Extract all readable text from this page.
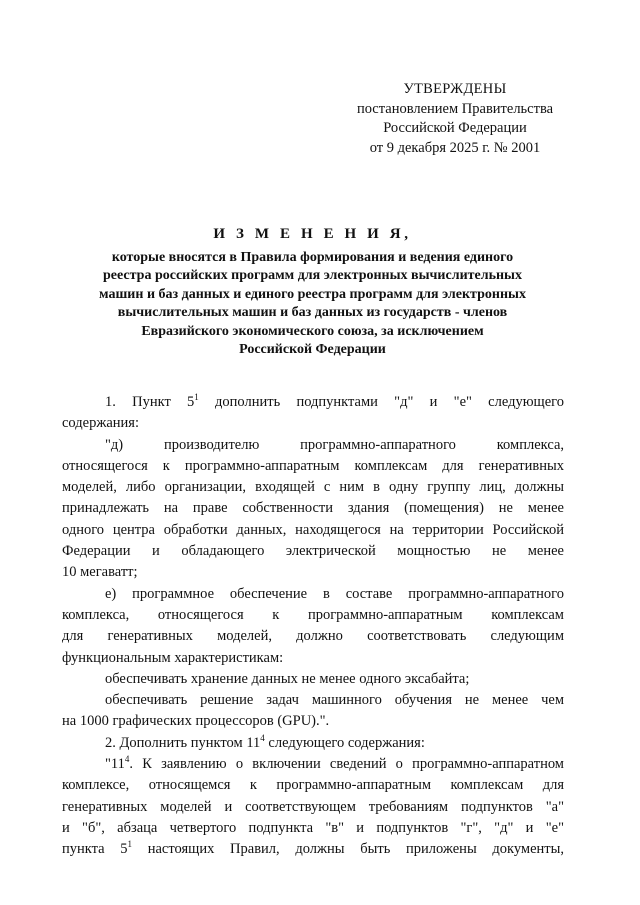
УТВЕРЖДЕНЫ
постановлением Правительства
Российской Федерации
от 9 декабря 2025 г. № 2001
И З М Е Н Е Н И Я,
которые вносятся в Правила формирования и ведения единого
реестра российских программ для электронных вычислительных
машин и баз данных и единого реестра программ для электронных
вычислительных машин и баз данных из государств - членов
Евразийского экономического союза, за исключением
Российской Федерации
1. Пункт $5^1$ дополнить подпунктами "д" и "е" следующего
содержания:
"д) производителю программно-аппаратного комплекса,
относящегося к программно-аппаратным комплексам для генеративных
моделей, либо организации, входящей с ним в одну группу лиц, должны
принадлежать на праве собственности здания (помещения) не менее
одного центра обработки данных, находящегося на территории Российской
Федерации и обладающего электрической мощностью не менее
10 мегаватт;
е) программное обеспечение в составе программно-аппаратного
комплекса, относящегося к программно-аппаратным комплексам
для генеративных моделей, должно соответствовать следующим
функциональным характеристикам:
обеспечивать хранение данных не менее одного эксабайта;
обеспечивать решение задач машинного обучения не менее чем
на 1000 графических процессоров (GPU).".
2. Дополнить пунктом $11^4$ следующего содержания:
"$11^4$. К заявлению о включении сведений о программно-аппаратном
комплексе, относящемся к программно-аппаратным комплексам для
генеративных моделей и соответствующем требованиям подпунктов "а"
и "б", абзаца четвертого подпункта "в" и подпунктов "г", "д" и "е"
пункта $5^1$ настоящих Правил, должны быть приложены документы,
